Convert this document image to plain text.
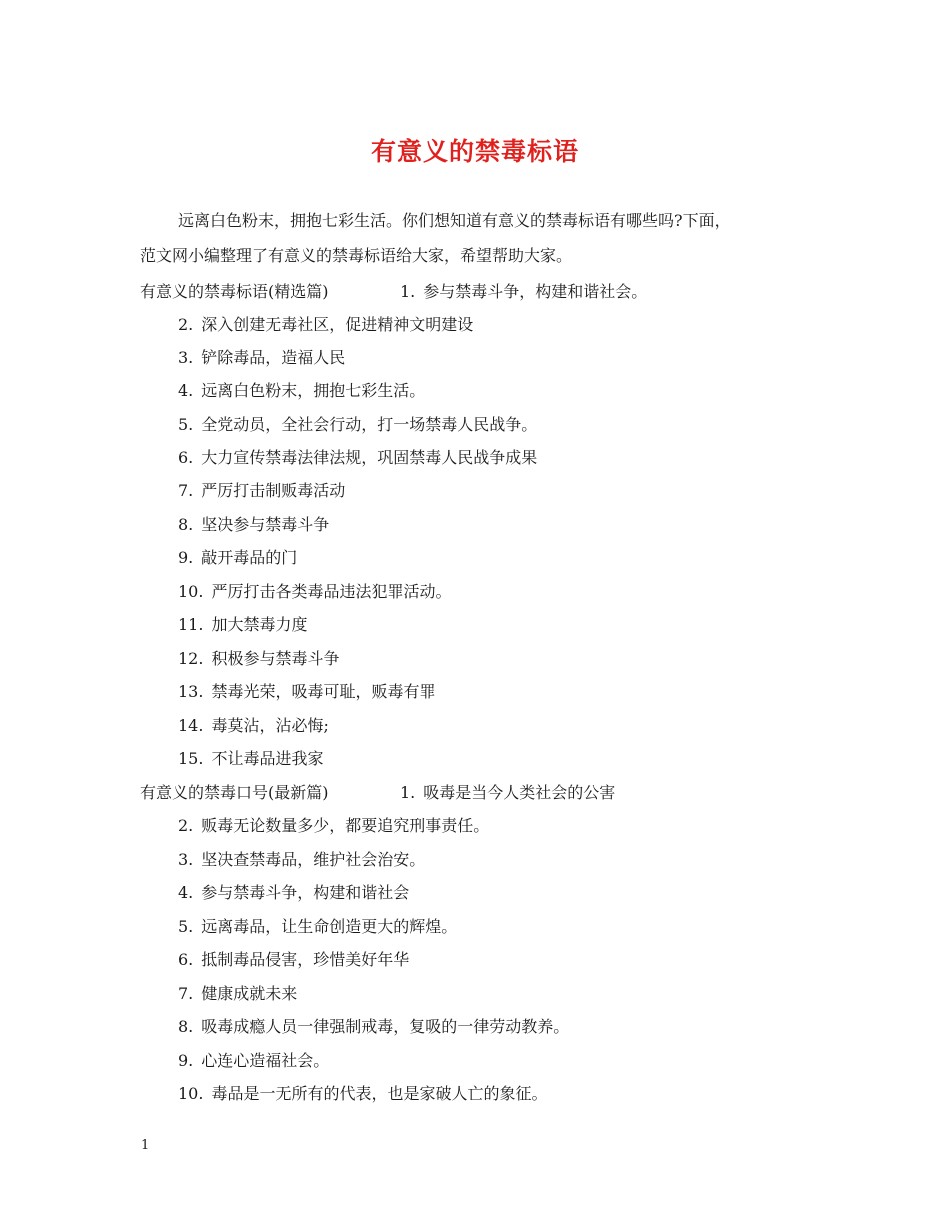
有意义的禁毒标语
远离白色粉末，拥抱七彩生活。你们想知道有意义的禁毒标语有哪些吗?下面，
范文网小编整理了有意义的禁毒标语给大家，希望帮助大家。
有意义的禁毒标语(精选篇)	1. 参与禁毒斗争，构建和谐社会。
2. 深入创建无毒社区，促进精神文明建设
3. 铲除毒品，造福人民
4. 远离白色粉末，拥抱七彩生活。
5. 全党动员，全社会行动，打一场禁毒人民战争。
6. 大力宣传禁毒法律法规，巩固禁毒人民战争成果
7. 严厉打击制贩毒活动
8. 坚决参与禁毒斗争
9. 敲开毒品的门
10. 严厉打击各类毒品违法犯罪活动。
11. 加大禁毒力度
12. 积极参与禁毒斗争
13. 禁毒光荣，吸毒可耻，贩毒有罪
14. 毒莫沾，沾必悔;
15. 不让毒品进我家
有意义的禁毒口号(最新篇)	1. 吸毒是当今人类社会的公害
2. 贩毒无论数量多少，都要追究刑事责任。
3. 坚决查禁毒品，维护社会治安。
4. 参与禁毒斗争，构建和谐社会
5. 远离毒品，让生命创造更大的辉煌。
6. 抵制毒品侵害，珍惜美好年华
7. 健康成就未来
8. 吸毒成瘾人员一律强制戒毒，复吸的一律劳动教养。
9. 心连心造福社会。
10. 毒品是一无所有的代表，也是家破人亡的象征。
1
